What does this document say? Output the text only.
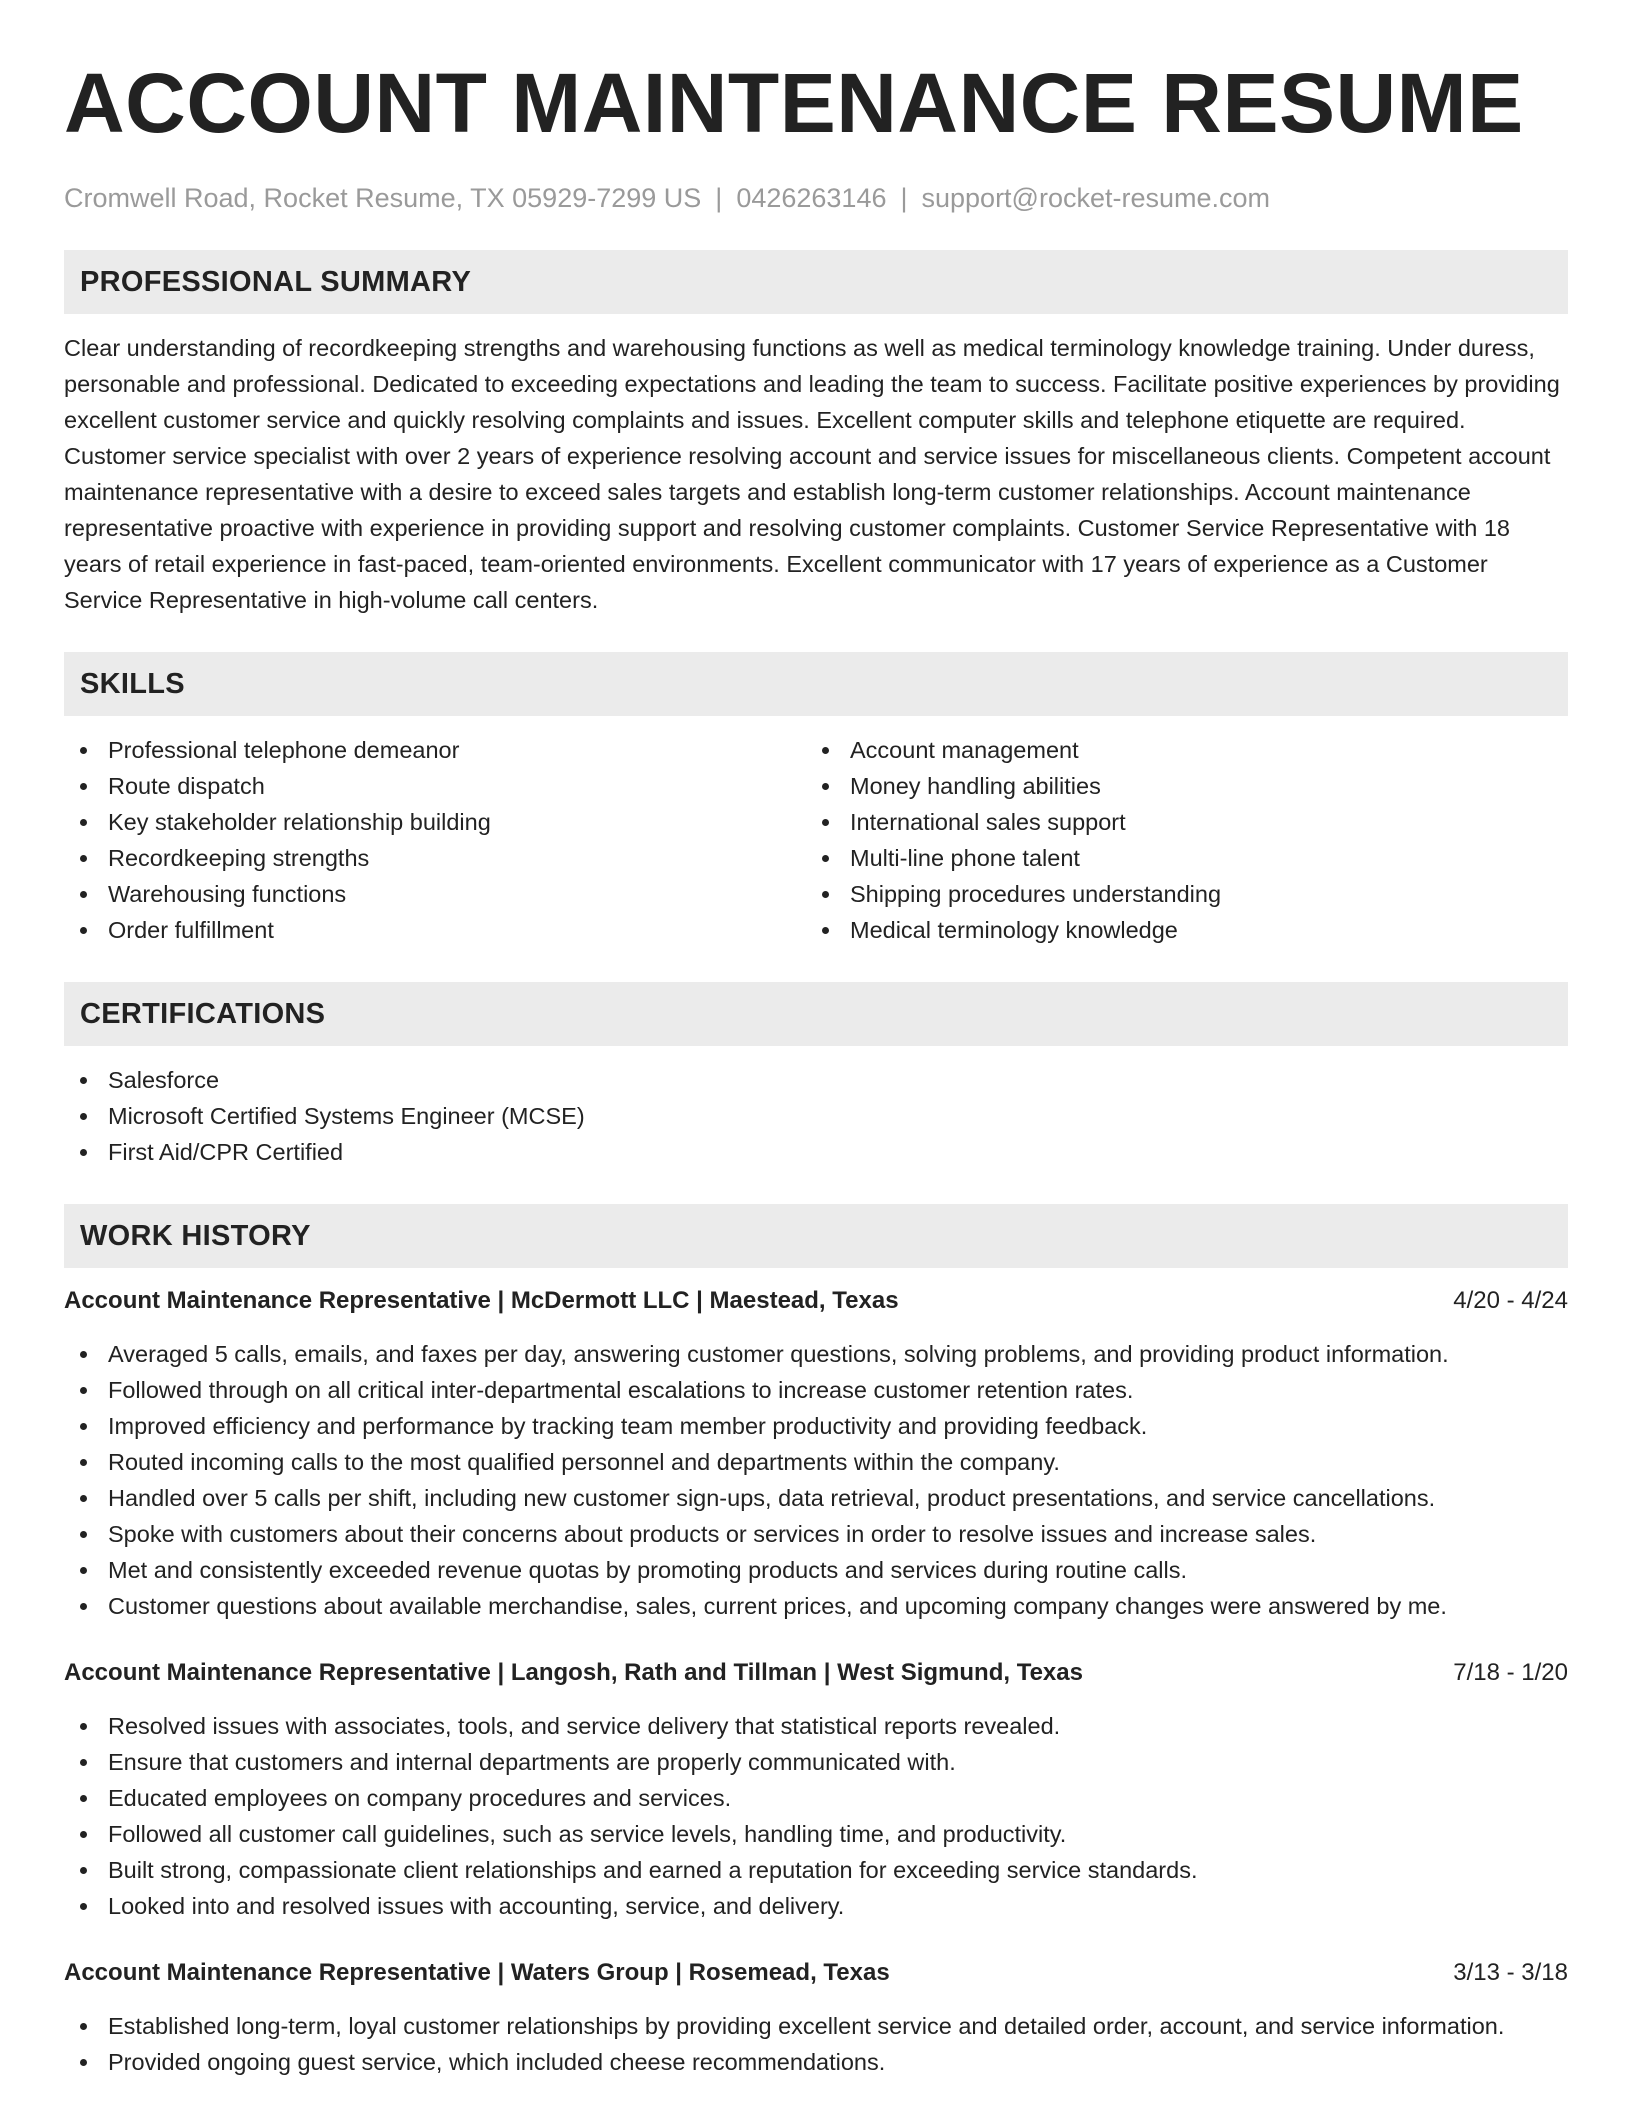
ACCOUNT MAINTENANCE RESUME
Cromwell Road, Rocket Resume, TX 05929-7299 US | 0426263146 | support@rocket-resume.com
PROFESSIONAL SUMMARY

Clear understanding of recordkeeping strengths and warehousing functions as well as medical terminology knowledge training. Under duress, personable and professional. Dedicated to exceeding expectations and leading the team to success. Facilitate positive experiences by providing excellent customer service and quickly resolving complaints and issues. Excellent computer skills and telephone etiquette are required. Customer service specialist with over 2 years of experience resolving account and service issues for miscellaneous clients. Competent account maintenance representative with a desire to exceed sales targets and establish long-term customer relationships. Account maintenance representative proactive with experience in providing support and resolving customer complaints. Customer Service Representative with 18 years of retail experience in fast-paced, team-oriented environments. Excellent communicator with 17 years of experience as a Customer Service Representative in high-volume call centers.

SKILLS
Professional telephone demeanor
Route dispatch
Key stakeholder relationship building
Recordkeeping strengths
Warehousing functions
Order fulfillment
Account management
Money handling abilities
International sales support
Multi-line phone talent
Shipping procedures understanding
Medical terminology knowledge
CERTIFICATIONS
Salesforce
Microsoft Certified Systems Engineer (MCSE)
First Aid/CPR Certified
WORK HISTORY
Account Maintenance Representative | McDermott LLC | Maestead, Texas	4/20 - 4/24
Averaged 5 calls, emails, and faxes per day, answering customer questions, solving problems, and providing product information.
Followed through on all critical inter-departmental escalations to increase customer retention rates.
Improved efficiency and performance by tracking team member productivity and providing feedback.
Routed incoming calls to the most qualified personnel and departments within the company.
Handled over 5 calls per shift, including new customer sign-ups, data retrieval, product presentations, and service cancellations.
Spoke with customers about their concerns about products or services in order to resolve issues and increase sales.
Met and consistently exceeded revenue quotas by promoting products and services during routine calls.
Customer questions about available merchandise, sales, current prices, and upcoming company changes were answered by me.
Account Maintenance Representative | Langosh, Rath and Tillman | West Sigmund, Texas	7/18 - 1/20
Resolved issues with associates, tools, and service delivery that statistical reports revealed.
Ensure that customers and internal departments are properly communicated with.
Educated employees on company procedures and services.
Followed all customer call guidelines, such as service levels, handling time, and productivity.
Built strong, compassionate client relationships and earned a reputation for exceeding service standards.
Looked into and resolved issues with accounting, service, and delivery.
Account Maintenance Representative | Waters Group | Rosemead, Texas	3/13 - 3/18
Established long-term, loyal customer relationships by providing excellent service and detailed order, account, and service information.
Provided ongoing guest service, which included cheese recommendations.
